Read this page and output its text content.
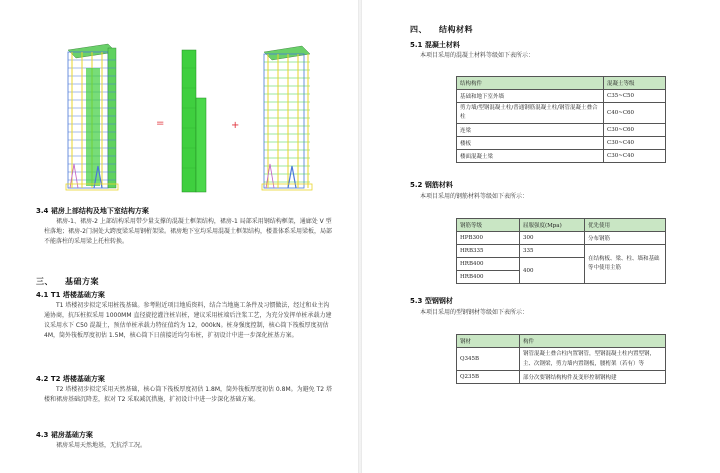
=	+
3.4 裙房上部结构及地下室结构方案
裙房-1、裙房-2 上部结构采用带少量支撑的混凝土框架结构，裙房-1 局部采用钢结构框架，通廊处 V 型柱落地；裙房-2门洞处大跨度梁采用钢桁架梁。裙房地下室均采用混凝土框架结构，楼盖体系采用梁板，局部不能落柱的采用梁上托柱转换。
三、 基础方案
4.1 T1 塔楼基础方案
T1 塔楼初步拟定采用桩筏基础。参考附近项目地质资料，结合当地施工条件及习惯做法，经过和业主沟通协商，抗压桩拟采用 1000MM 直径旋挖灌注桩岩桩，建议采用桩端后注浆工艺，为充分发挥单桩承载力建议采用水下 C50 混凝土，预估单桩承载力特征值约为 12，000kN。桩身强度控制，核心筒下筏板厚度初估 4M，筒外筏板厚度初估 1.5M，核心筒下日前接近均匀布桩，扩初设计中进一步深化桩基方案。
4.2 T2 塔楼基础方案
T2 塔楼初步拟定采用天然基础，核心筒下筏板厚度初估 1.8M，筒外筏板厚度初估 0.8M。为避免 T2 塔楼和裙房基础沉降差，拟对 T2 采取减沉措施，扩初设计中进一步深化基础方案。
4.3 裙房基础方案
裙房采用天然地基，无抗浮工况。
四、 结构材料
5.1 混凝土材料
本项目采用的混凝土材料等级如下表所示：
结构构件	混凝土等级
基础和地下室外墙	C35~C50
剪力墙/型钢混凝土柱/普通钢筋混凝土柱/钢管混凝土叠合柱	C40~C60
连梁	C30~C60
楼板	C30~C40
楼面混凝土梁	C30~C40
5.2 钢筋材料
本项目采用的钢筋材料等级如下表所示：
钢筋等级	屈服强度(Mpa)	优先使用
HPB300	300	分布钢筋
HRB335	335	在结构板、梁、柱、墙和基础等中使用主筋
HRB400	400	
HRB400		
5.3 型钢钢材
本项目采用的型钢钢材等级如下表所示：
钢材	构件
Q345B	钢管混凝土叠合柱内置钢管，型钢混凝土柱内置型钢，主、次钢梁，剪力墙内置钢板，腰桁架（若有）等
Q235B	部分次要钢结构构件及变形控制钢构建
